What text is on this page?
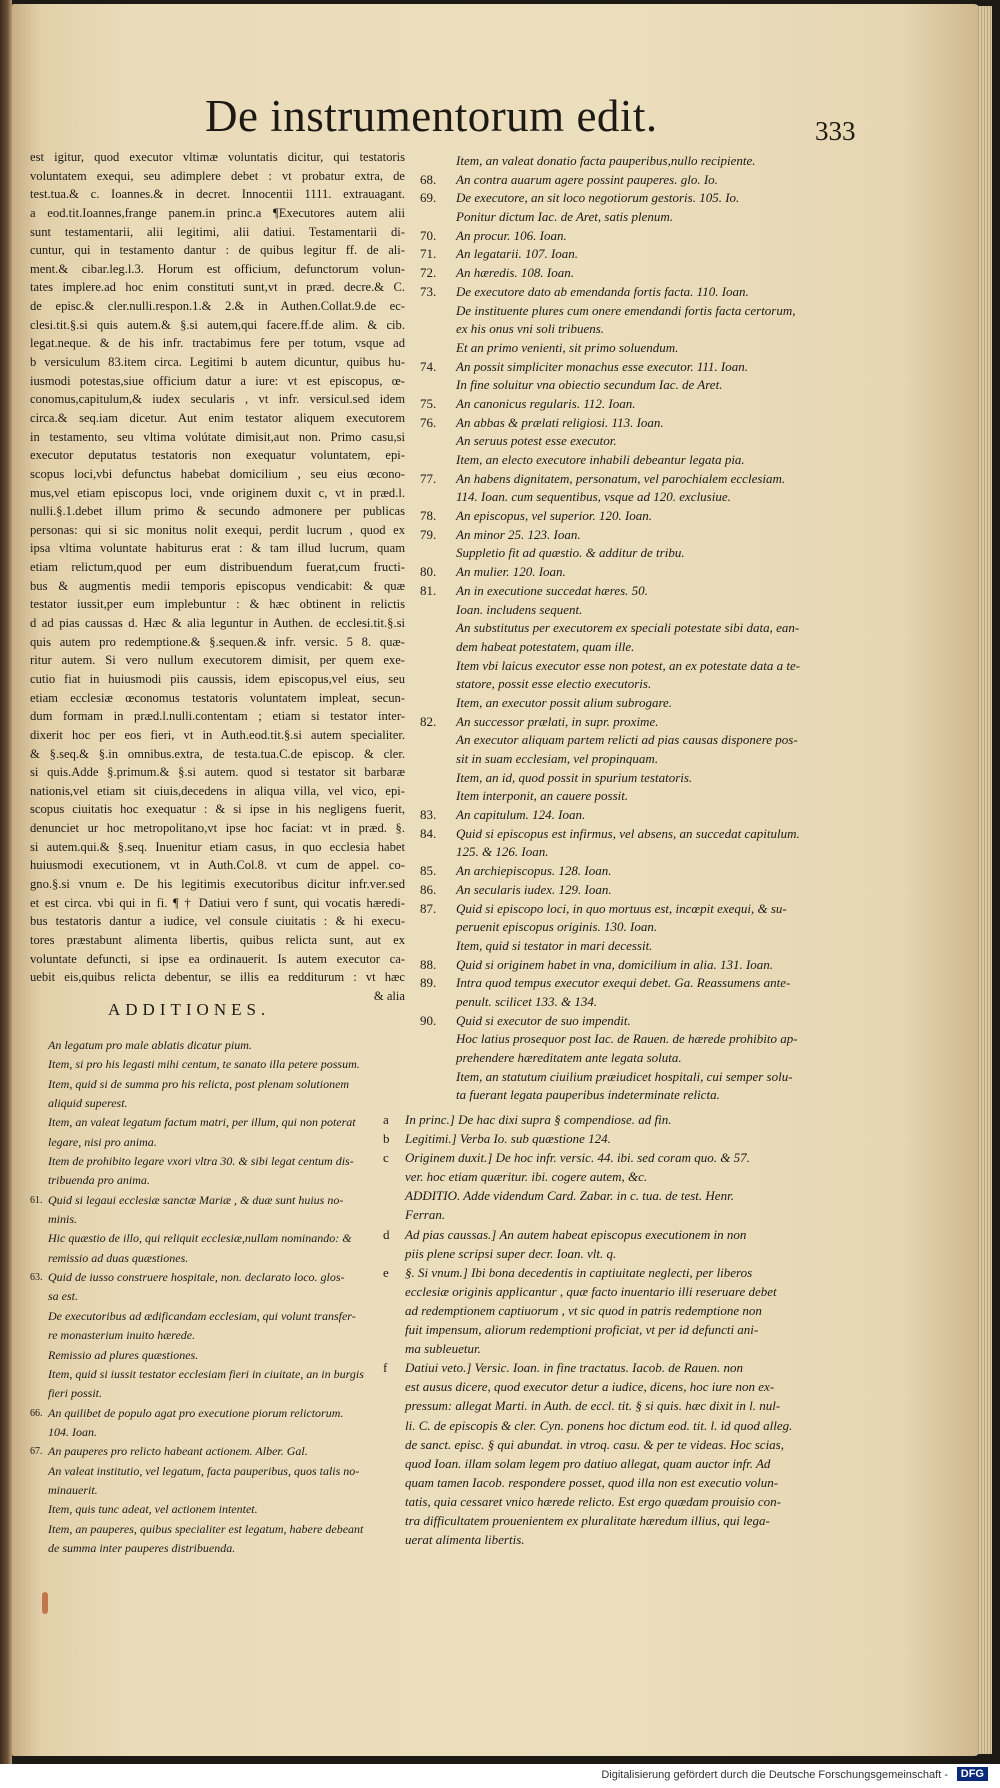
De instrumentorum edit.	333
est igitur, quod executor vltimæ voluntatis dicitur, qui testatoris
voluntatem exequi, seu adimplere debet : vt probatur extra, de
test.tua.& c. Ioannes.& in decret. Innocentii 1111. extrauagant.
a eod.tit.Ioannes,frange panem.in princ.a ¶Executores autem alii
sunt testamentarii, alii legitimi, alii datiui. Testamentarii di-
cuntur, qui in testamento dantur : de quibus legitur ff. de ali-
ment.& cibar.leg.l.3. Horum est officium, defunctorum volun-
tates implere.ad hoc enim constituti sunt,vt in præd. decre.& C.
de episc.& cler.nulli.respon.1.& 2.& in Authen.Collat.9.de ec-
clesi.tit.§.si quis autem.& §.si autem,qui facere.ff.de alim. & cib.
legat.neque. & de his infr. tractabimus fere per totum, vsque ad
b versiculum 83.item circa. Legitimi b autem dicuntur, quibus hu-
iusmodi potestas,siue officium datur a iure: vt est episcopus, œ-
conomus,capitulum,& iudex secularis , vt infr. versicul.sed idem
circa.& seq.iam dicetur. Aut enim testator aliquem executorem
in testamento, seu vltima volútate dimisit,aut non. Primo casu,si
executor deputatus testatoris non exequatur voluntatem, epi-
scopus loci,vbi defunctus habebat domicilium , seu eius œcono-
mus,vel etiam episcopus loci, vnde originem duxit c, vt in præd.l.
nulli.§.1.debet illum primo & secundo admonere per publicas
personas: qui si sic monitus nolit exequi, perdit lucrum , quod ex
ipsa vltima voluntate habiturus erat : & tam illud lucrum, quam
etiam relictum,quod per eum distribuendum fuerat,cum fructi-
bus & augmentis medii temporis episcopus vendicabit: & quæ
testator iussit,per eum implebuntur : & hæc obtinent in relictis
d ad pias caussas d. Hæc & alia leguntur in Authen. de ecclesi.tit.§.si
quis autem pro redemptione.& §.sequen.& infr. versic. 5 8. quæ-
ritur autem. Si vero nullum executorem dimisit, per quem exe-
cutio fiat in huiusmodi piis caussis, idem episcopus,vel eius, seu
etiam ecclesiæ œconomus testatoris voluntatem impleat, secun-
dum formam in præd.l.nulli.contentam ; etiam si testator inter-
dixerit hoc per eos fieri, vt in Auth.eod.tit.§.si autem specialiter.
& §.seq.& §.in omnibus.extra, de testa.tua.C.de episcop. & cler.
si quis.Adde §.primum.& §.si autem. quod si testator sit barbaræ
nationis,vel etiam sit ciuis,decedens in aliqua villa, vel vico, epi-
scopus ciuitatis hoc exequatur : & si ipse in his negligens fuerit,
denunciet ur hoc metropolitano,vt ipse hoc faciat: vt in præd. §.
si autem.qui.& §.seq. Inuenitur etiam casus, in quo ecclesia habet
huiusmodi executionem, vt in Auth.Col.8. vt cum de appel. co-
gno.§.si vnum e. De his legitimis executoribus dicitur infr.ver.sed
et est circa. vbi qui in fi. ¶ † Datiui vero f sunt, qui vocatis hæredi-
bus testatoris dantur a iudice, vel consule ciuitatis : & hi execu-
tores præstabunt alimenta libertis, quibus relicta sunt, aut ex
voluntate defuncti, si ipse ea ordinauerit. Is autem executor ca-
uebit eis,quibus relicta debentur, se illis ea redditurum : vt hæc
& alia
ADDITIONES.
An legatum pro male ablatis dicatur pium.
Item, si pro his legasti mihi centum, te sanato illa petere possum.
Item, quid si de summa pro his relicta, post plenam solutionem
aliquid superest.
Item, an valeat legatum factum matri, per illum, qui non poterat
legare, nisi pro anima.
Item de prohibito legare vxori vltra 30. & sibi legat centum dis-
tribuenda pro anima.
61. Quid si legaui ecclesiæ sanctæ Mariæ , & duæ sunt huius no-
minis.
Hic quæstio de illo, qui reliquit ecclesiæ,nullam nominando: &
remissio ad duas quæstiones.
63. Quid de iusso construere hospitale, non. declarato loco. glos-
sa est.
De executoribus ad ædificandam ecclesiam, qui volunt transfer-
re monasterium inuito hærede.
Remissio ad plures quæstiones.
Item, quid si iussit testator ecclesiam fieri in ciuitate, an in burgis
fieri possit.
66. An quilibet de populo agat pro executione piorum relictorum.
104. Ioan.
67. An pauperes pro relicto habeant actionem. Alber. Gal.
An valeat institutio, vel legatum, facta pauperibus, quos talis no-
minauerit.
Item, quis tunc adeat, vel actionem intentet.
Item, an pauperes, quibus specialiter est legatum, habere debeant
de summa inter pauperes distribuenda.
Item, an valeat donatio facta pauperibus,nullo recipiente.
68. An contra auarum agere possint pauperes. glo. Io.
69. De executore, an sit loco negotiorum gestoris. 105. Io.
Ponitur dictum Iac. de Aret, satis plenum.
70. An procur. 106. Ioan.
71. An legatarii. 107. Ioan.
72. An hæredis. 108. Ioan.
73. De executore dato ab emendanda fortis facta. 110. Ioan.
De instituente plures cum onere emendandi fortis facta certorum,
ex his onus vni soli tribuens.
Et an primo venienti, sit primo soluendum.
74. An possit simpliciter monachus esse executor. 111. Ioan.
In fine soluitur vna obiectio secundum Iac. de Aret.
75. An canonicus regularis. 112. Ioan.
76. An abbas & prælati religiosi. 113. Ioan.
An seruus potest esse executor.
Item, an electo executore inhabili debeantur legata pia.
77. An habens dignitatem, personatum, vel parochialem ecclesiam.
114. Ioan. cum sequentibus, vsque ad 120. exclusiue.
78. An episcopus, vel superior. 120. Ioan.
79. An minor 25. 123. Ioan.
Suppletio fit ad quæstio. & additur de tribu.
80. An mulier. 120. Ioan.
81. An in executione succedat hæres. 50.
Ioan. includens sequent.
An substitutus per executorem ex speciali potestate sibi data, ean-
dem habeat potestatem, quam ille.
Item vbi laicus executor esse non potest, an ex potestate data a te-
statore, possit esse electio executoris.
Item, an executor possit alium subrogare.
82. An successor prælati, in supr. proxime.
An executor aliquam partem relicti ad pias causas disponere pos-
sit in suam ecclesiam, vel propinquam.
Item, an id, quod possit in spurium testatoris.
Item interponit, an cauere possit.
83. An capitulum. 124. Ioan.
84. Quid si episcopus est infirmus, vel absens, an succedat capitulum.
125. & 126. Ioan.
85. An archiepiscopus. 128. Ioan.
86. An secularis iudex. 129. Ioan.
87. Quid si episcopo loci, in quo mortuus est, incœpit exequi, & su-
peruenit episcopus originis. 130. Ioan.
Item, quid si testator in mari decessit.
88. Quid si originem habet in vna, domicilium in alia. 131. Ioan.
89. Intra quod tempus executor exequi debet. Ga. Reassumens ante-
penult. scilicet 133. & 134.
90. Quid si executor de suo impendit.
Hoc latius prosequor post Iac. de Rauen. de hærede prohibito ap-
prehendere hæreditatem ante legata soluta.
Item, an statutum ciuilium præiudicet hospitali, cui semper solu-
ta fuerant legata pauperibus indeterminate relicta.
a In princ.] De hac dixi supra § compendiose. ad fin.
b Legitimi.] Verba Io. sub quæstione 124.
c Originem duxit.] De hoc infr. versic. 44. ibi. sed coram quo. & 57.
ver. hoc etiam quæritur. ibi. cogere autem, &c.
ADDITIO. Adde videndum Card. Zabar. in c. tua. de test. Henr.
Ferran.
d Ad pias caussas.] An autem habeat episcopus executionem in non
piis plene scripsi super decr. Ioan. vlt. q.
e §. Si vnum.] Ibi bona decedentis in captiuitate neglecti, per liberos
ecclesiæ originis applicantur , quæ facto inuentario illi reseruare debet
ad redemptionem captiuorum , vt sic quod in patris redemptione non
fuit impensum, aliorum redemptioni proficiat, vt per id defuncti ani-
ma subleuetur.
f Datiui veto.] Versic. Ioan. in fine tractatus. Iacob. de Rauen. non
est ausus dicere, quod executor detur a iudice, dicens, hoc iure non ex-
pressum: allegat Marti. in Auth. de eccl. tit. § si quis. hæc dixit in l. nul-
li. C. de episcopis & cler. Cyn. ponens hoc dictum eod. tit. l. id quod alleg.
de sanct. episc. § qui abundat. in vtroq. casu. & per te videas. Hoc scias,
quod Ioan. illam solam legem pro datiuo allegat, quam auctor infr. Ad
quam tamen Iacob. respondere posset, quod illa non est executio volun-
tatis, quia cessaret vnico hærede relicto. Est ergo quædam prouisio con-
tra difficultatem prouenientem ex pluralitate hæredum illius, qui lega-
uerat alimenta libertis.
Digitalisierung gefördert durch die Deutsche Forschungsgemeinschaft -	DFG
